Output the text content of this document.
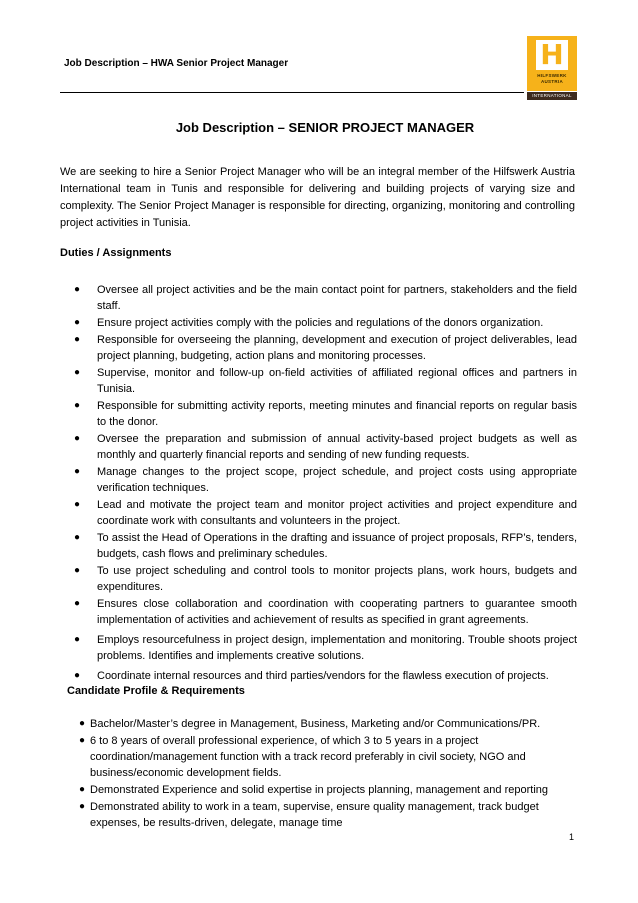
Job Description – HWA Senior Project Manager	H
HILFSWERK
AUSTRIA
INTERNATIONAL
Job Description – SENIOR PROJECT MANAGER

We are seeking to hire a Senior Project Manager who will be an integral member of the Hilfswerk Austria International team in Tunis and responsible for delivering and building projects of varying size and complexity. The Senior Project Manager is responsible for directing, organizing, monitoring and controlling project activities in Tunisia.

Duties / Assignments
● Oversee all project activities and be the main contact point for partners, stakeholders and the field staff.
● Ensure project activities comply with the policies and regulations of the donors organization.
● Responsible for overseeing the planning, development and execution of project deliverables, lead project planning, budgeting, action plans and monitoring processes.
● Supervise, monitor and follow-up on-field activities of affiliated regional offices and partners in Tunisia.
● Responsible for submitting activity reports, meeting minutes and financial reports on regular basis to the donor.
● Oversee the preparation and submission of annual activity-based project budgets as well as monthly and quarterly financial reports and sending of new funding requests.
● Manage changes to the project scope, project schedule, and project costs using appropriate verification techniques.
● Lead and motivate the project team and monitor project activities and project expenditure and coordinate work with consultants and volunteers in the project.
● To assist the Head of Operations in the drafting and issuance of project proposals, RFP’s, tenders, budgets, cash flows and preliminary schedules.
● To use project scheduling and control tools to monitor projects plans, work hours, budgets and expenditures.
● Ensures close collaboration and coordination with cooperating partners to guarantee smooth implementation of activities and achievement of results as specified in grant agreements.
● Employs resourcefulness in project design, implementation and monitoring. Trouble shoots project problems. Identifies and implements creative solutions.
● Coordinate internal resources and third parties/vendors for the flawless execution of projects.
Candidate Profile & Requirements
● Bachelor/Master’s degree in Management, Business, Marketing and/or Communications/PR.
● 6 to 8 years of overall professional experience, of which 3 to 5 years in a project coordination/management function with a track record preferably in civil society, NGO and business/economic development fields.
● Demonstrated Experience and solid expertise in projects planning, management and reporting
● Demonstrated ability to work in a team, supervise, ensure quality management, track budget expenses, be results-driven, delegate, manage time
1
